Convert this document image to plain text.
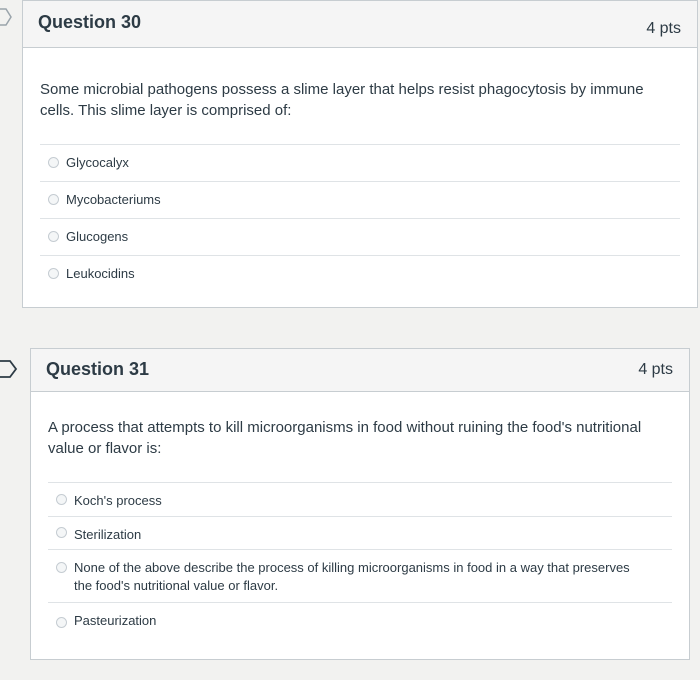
Question 30	4 pts
Some microbial pathogens possess a slime layer that helps resist phagocytosis by immune cells. This slime layer is comprised of:
Glycocalyx
Mycobacteriums
Glucogens
Leukocidins
Question 31	4 pts
A process that attempts to kill microorganisms in food without ruining the food's nutritional value or flavor is:
Koch's process
Sterilization
None of the above describe the process of killing microorganisms in food in a way that preserves the food's nutritional value or flavor.
Pasteurization
